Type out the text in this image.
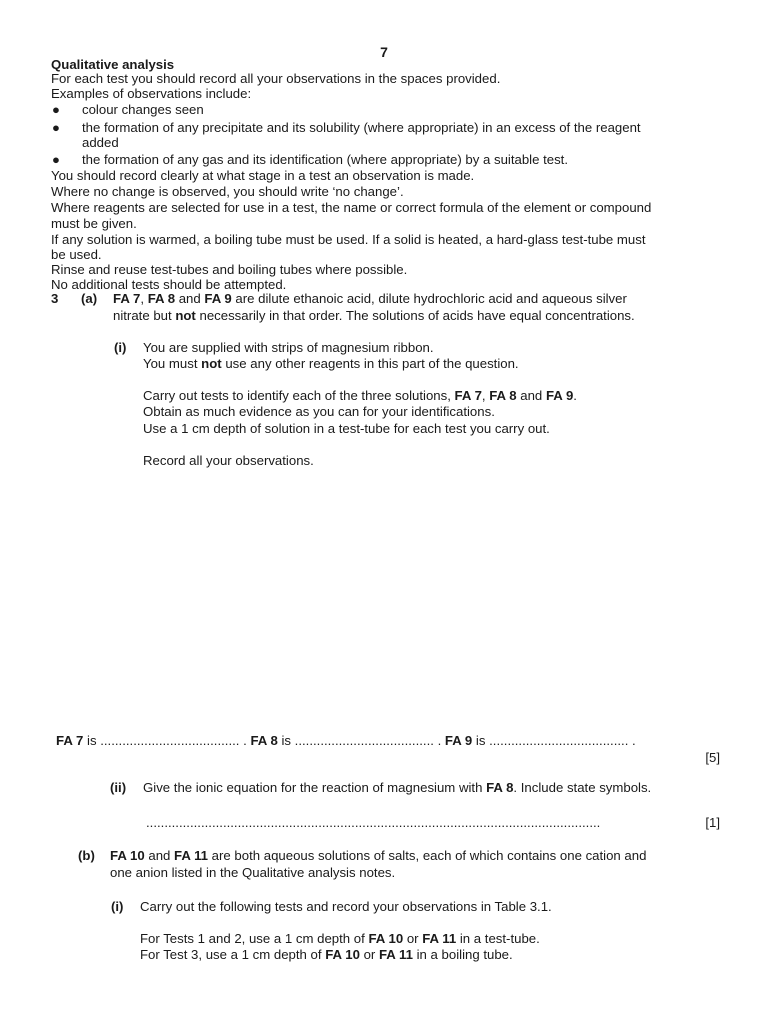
7
Qualitative analysis
For each test you should record all your observations in the spaces provided.
Examples of observations include:
● colour changes seen
● the formation of any precipitate and its solubility (where appropriate) in an excess of the reagent
added
● the formation of any gas and its identification (where appropriate) by a suitable test.
You should record clearly at what stage in a test an observation is made.
Where no change is observed, you should write ‘no change’.
Where reagents are selected for use in a test, the name or correct formula of the element or compound
must be given.
If any solution is warmed, a boiling tube must be used. If a solid is heated, a hard-glass test-tube must
be used.
Rinse and reuse test-tubes and boiling tubes where possible.
No additional tests should be attempted.
3 (a) FA 7, FA 8 and FA 9 are dilute ethanoic acid, dilute hydrochloric acid and aqueous silver
nitrate but not necessarily in that order. The solutions of acids have equal concentrations.
(i) You are supplied with strips of magnesium ribbon.
You must not use any other reagents in this part of the question.
Carry out tests to identify each of the three solutions, FA 7, FA 8 and FA 9.
Obtain as much evidence as you can for your identifications.
Use a 1 cm depth of solution in a test-tube for each test you carry out.
Record all your observations.
FA 7 is ...................................... . FA 8 is ...................................... . FA 9 is ...................................... .
[5]
(ii) Give the ionic equation for the reaction of magnesium with FA 8. Include state symbols.
............................................................................................................................	[1]
(b) FA 10 and FA 11 are both aqueous solutions of salts, each of which contains one cation and
one anion listed in the Qualitative analysis notes.
(i) Carry out the following tests and record your observations in Table 3.1.
For Tests 1 and 2, use a 1 cm depth of FA 10 or FA 11 in a test-tube.
For Test 3, use a 1 cm depth of FA 10 or FA 11 in a boiling tube.
